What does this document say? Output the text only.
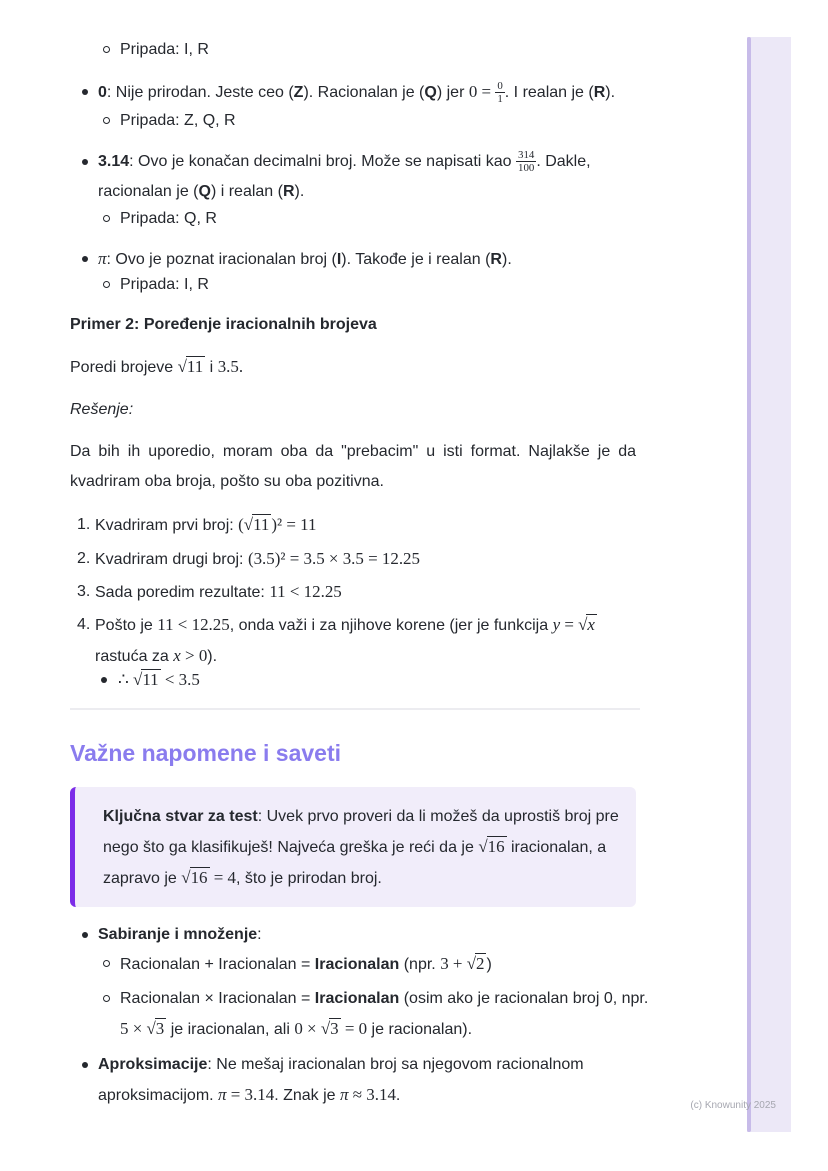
Pripada: I, R
0: Nije prirodan. Jeste ceo (Z). Racionalan je (Q) jer $0 = \frac{0}{1}$ . I realan je (R).
Pripada: Z, Q, R
3.14: Ovo je konačan decimalni broj. Može se napisati kao $\frac{314}{100}$ . Dakle,
racionalan je (Q) i realan (R).
Pripada: Q, R
π: Ovo je poznat iracionalan broj (I). Takođe je i realan (R).
Pripada: I, R
Primer 2: Poređenje iracionalnih brojeva
Poredi brojeve √11 i 3.5.
Rešenje:
Da bih ih uporedio, moram oba da "prebacim" u isti format. Najlakše je da kvadriram oba broja, pošto su oba pozitivna.
1. Kvadriram prvi broj: (√11 )² = 11
2. Kvadriram drugi broj: (3.5)² = 3.5 × 3.5 = 12.25
3. Sada poredim rezultate: 11 < 12.25
4. Pošto je 11 < 12.25, onda važi i za njihove korene (jer je funkcija y = √x
rastuća za x > 0).
∴ √11 < 3.5
Važne napomene i saveti
Ključna stvar za test: Uvek prvo proveri da li možeš da uprostiš broj pre
nego što ga klasifikuješ! Najveća greška je reći da je √16 iracionalan, a
zapravo je √16 = 4, što je prirodan broj.
Sabiranje i množenje:
Racionalan + Iracionalan = Iracionalan (npr. 3 + √2 )
Racionalan × Iracionalan = Iracionalan (osim ako je racionalan broj 0, npr.
5 × √3 je iracionalan, ali 0 × √3 = 0 je racionalan).
Aproksimacije: Ne mešaj iracionalan broj sa njegovom racionalnom
aproksimacijom. π = 3.14. Znak je π ≈ 3.14.
(c) Knowunity 2025
